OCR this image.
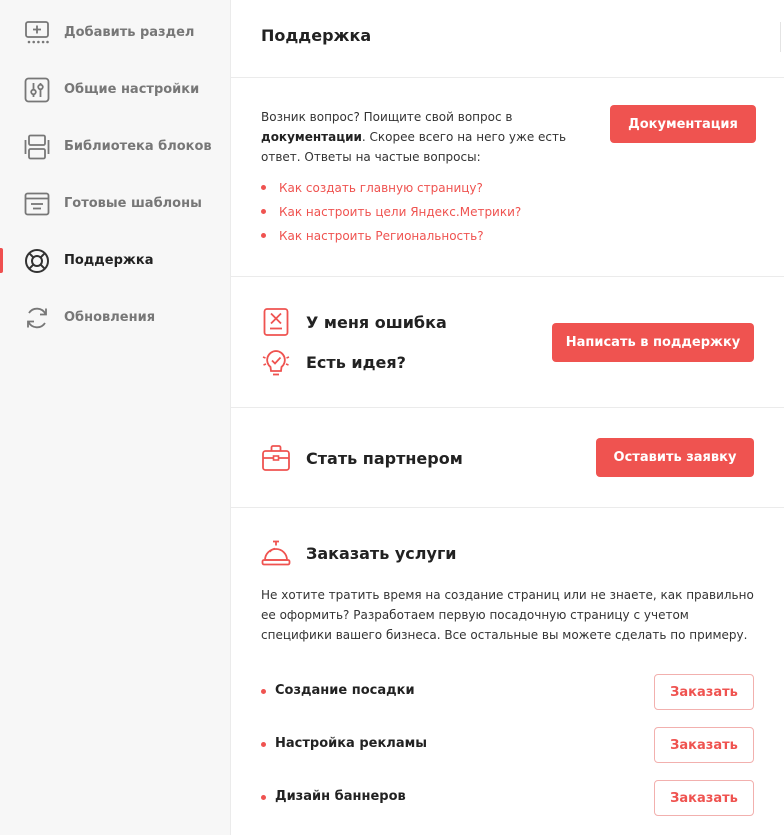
Добавить раздел
Общие настройки
Библиотека блоков
Готовые шаблоны
Поддержка
Обновления
Поддержка

Возник вопрос? Поищите свой вопрос в документации. Скорее всего на него уже есть ответ. Ответы на частые вопросы:

Документация
Как создать главную страницу?
Как настроить цели Яндекс.Метрики?
Как настроить Региональность?
У меня ошибка
Есть идея?
Написать в поддержку
Стать партнером	Оставить заявку
Заказать услуги

Не хотите тратить время на создание страниц или не знаете, как правильно ее оформить? Разработаем первую посадочную страницу с учетом специфики вашего бизнеса. Все остальные вы можете сделать по примеру.

Создание посадки	Заказать
Настройка рекламы	Заказать
Дизайн баннеров	Заказать
